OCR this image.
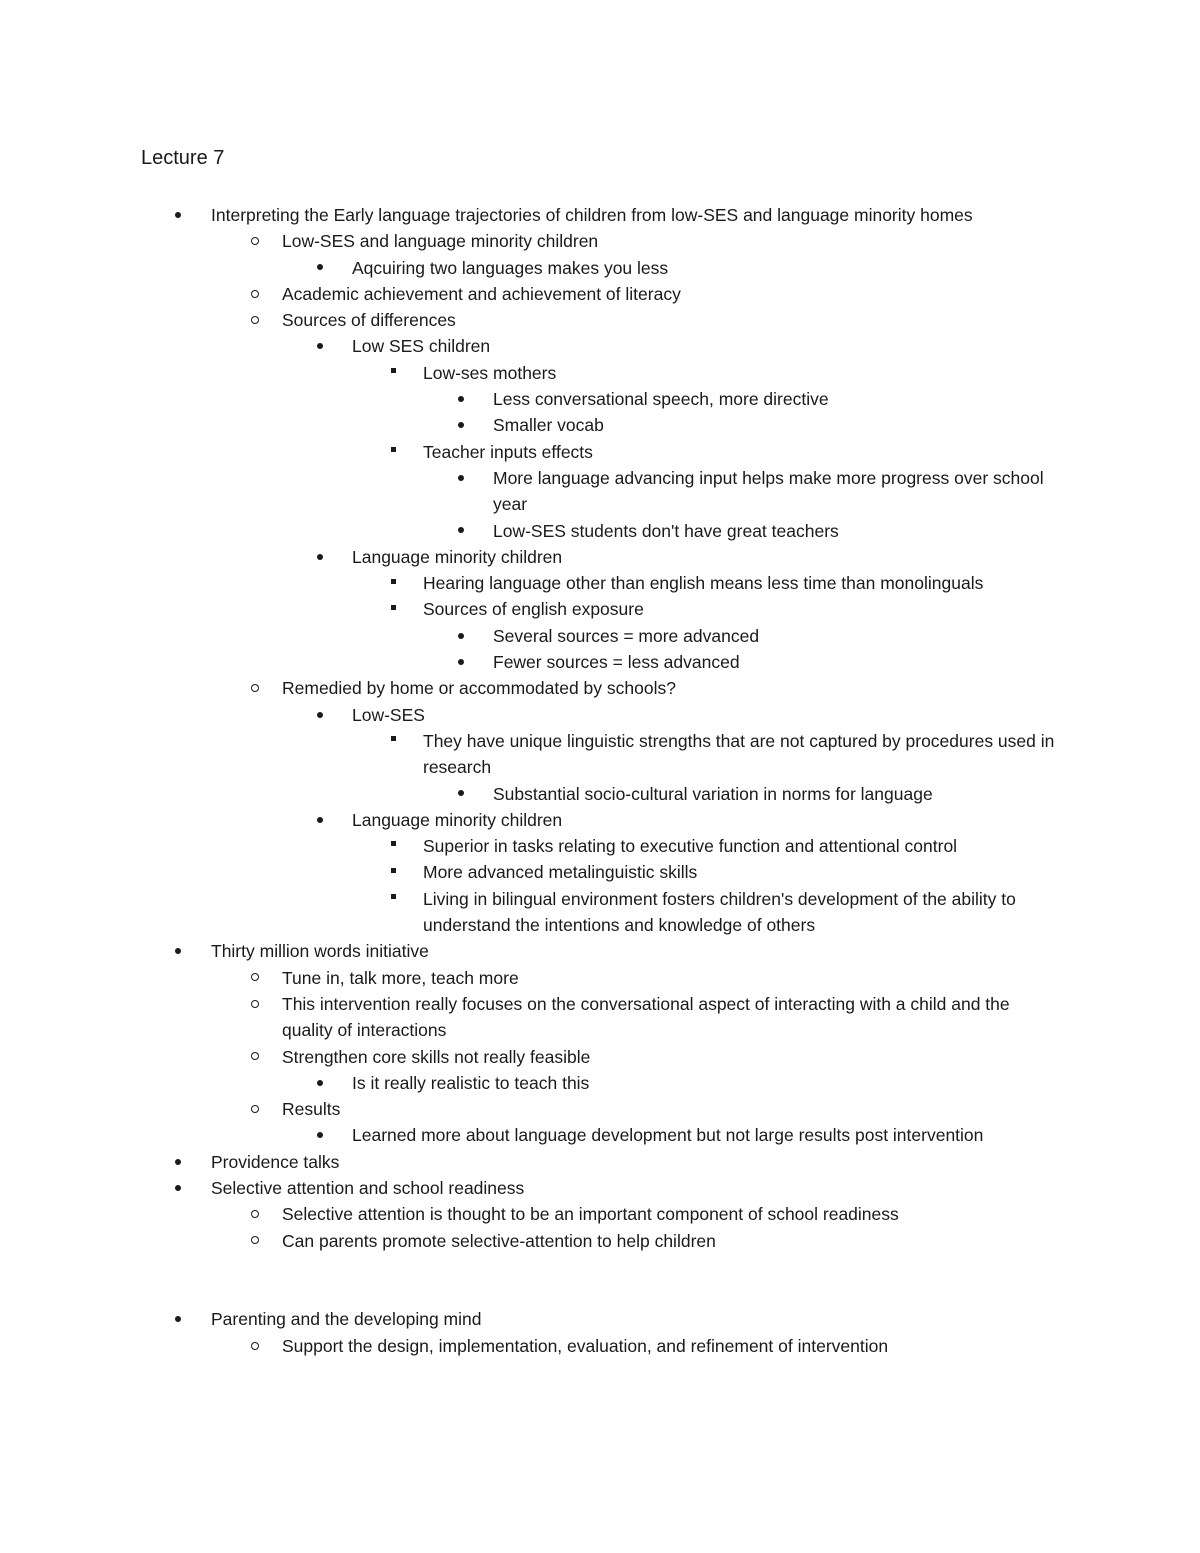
Lecture 7
Interpreting the Early language trajectories of children from low-SES and language minority homes
Low-SES and language minority children
Aqcuiring two languages makes you less
Academic achievement and achievement of literacy
Sources of differences
Low SES children
Low-ses mothers
Less conversational speech, more directive
Smaller vocab
Teacher inputs effects
More language advancing input helps make more progress over school year
Low-SES students don't have great teachers
Language minority children
Hearing language other than english means less time than monolinguals
Sources of english exposure
Several sources = more advanced
Fewer sources = less advanced
Remedied by home or accommodated by schools?
Low-SES
They have unique linguistic strengths that are not captured by procedures used in research
Substantial socio-cultural variation in norms for language
Language minority children
Superior in tasks relating to executive function and attentional control
More advanced metalinguistic skills
Living in bilingual environment fosters children's development of the ability to understand the intentions and knowledge of others
Thirty million words initiative
Tune in, talk more, teach more
This intervention really focuses on the conversational aspect of interacting with a child and the quality of interactions
Strengthen core skills not really feasible
Is it really realistic to teach this
Results
Learned more about language development but not large results post intervention
Providence talks
Selective attention and school readiness
Selective attention is thought to be an important component of school readiness
Can parents promote selective-attention to help children
Parenting and the developing mind
Support the design, implementation, evaluation, and refinement of intervention
